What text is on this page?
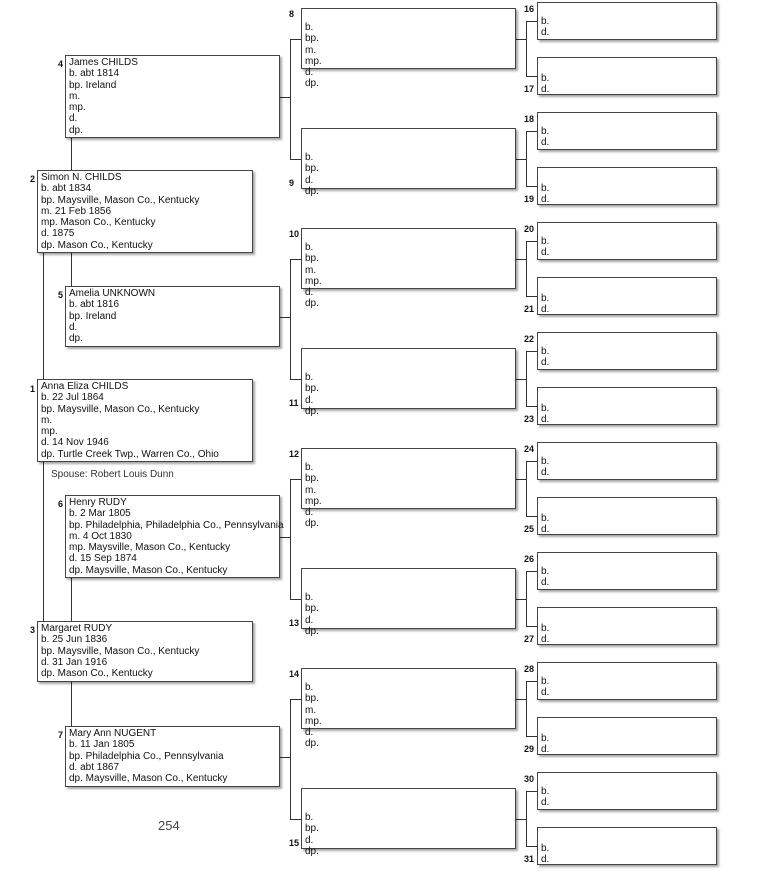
1 Anna Eliza CHILDS
b. 22 Jul 1864
bp. Maysville, Mason Co., Kentucky
m.
mp.
d. 14 Nov 1946
dp. Turtle Creek Twp., Warren Co., Ohio
Spouse: Robert Louis Dunn
2 Simon N. CHILDS
b. abt 1834
bp. Maysville, Mason Co., Kentucky
m. 21 Feb 1856
mp. Mason Co., Kentucky
d. 1875
dp. Mason Co., Kentucky
3 Margaret RUDY
b. 25 Jun 1836
bp. Maysville, Mason Co., Kentucky
d. 31 Jan 1916
dp. Mason Co., Kentucky
4 James CHILDS
b. abt 1814
bp. Ireland
m.
mp.
d.
dp.
5 Amelia UNKNOWN
b. abt 1816
bp. Ireland
d.
dp.
6 Henry RUDY
b. 2 Mar 1805
bp. Philadelphia, Philadelphia Co., Pennsylvania
m. 4 Oct 1830
mp. Maysville, Mason Co., Kentucky
d. 15 Sep 1874
dp. Maysville, Mason Co., Kentucky
7 Mary Ann NUGENT
b. 11 Jan 1805
bp. Philadelphia Co., Pennsylvania
d. abt 1867
dp. Maysville, Mason Co., Kentucky
b.
bp.
m.
mp.
d.
dp.
8
b.
bp.
d.
dp.
9
b.
bp.
m.
mp.
d.
dp.
10
b.
bp.
d.
dp.
11
b.
bp.
m.
mp.
d.
dp.
12
b.
bp.
d.
dp.
13
b.
bp.
m.
mp.
d.
dp.
14
b.
bp.
d.
dp.
15
b.
d.
16
b.
d.
17
b.
d.
18
b.
d.
19
b.
d.
20
b.
d.
21
b.
d.
22
b.
d.
23
b.
d.
24
b.
d.
25
b.
d.
26
b.
d.
27
b.
d.
28
b.
d.
29
b.
d.
30
b.
d.
31
254
